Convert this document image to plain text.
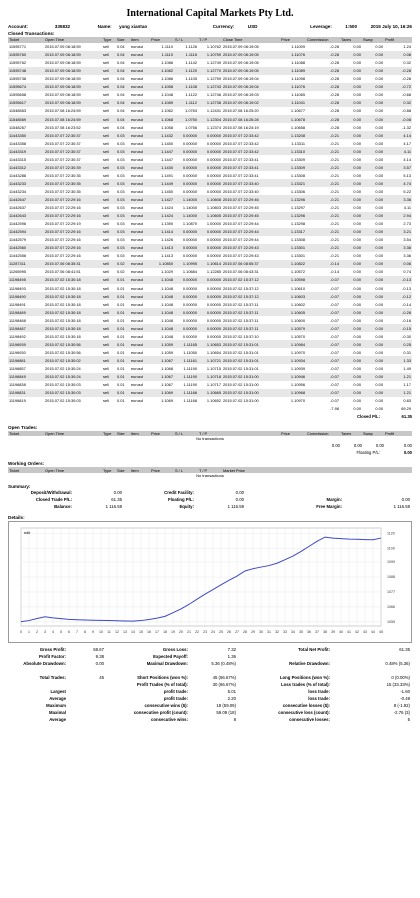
International Capital Markets Pty Ltd.
Account:	335832	Name:	yang xiantao	Currency:	USD	Leverage:	1:500	2015 July 10, 16:26
Closed Transactions:
Ticket	Open Time	Type	Size	Item	Price	S / L	T / P	Close Time	Price	Commission	Taxes	Swap	Profit
11595771	2015.07.09 08:18:59	sell	0.04	eurusd	1.1110	1.1126	1.10762	2015.07.09 08:19:05	1.11009	-0.28	0.00	0.00	1.24
11595760	2015.07.09 08:18:59	sell	0.04	eurusd	1.1110	1.1116	1.10759	2015.07.09 08:19:05	1.11076	-0.28	0.00	0.00	0.06
11595762	2015.07.09 08:18:59	sell	0.04	eurusd	1.1086	1.1142	1.12749	2015.07.09 08:19:05	1.11088	-0.28	0.00	0.00	0.32
11595748	2015.07.09 08:18:59	sell	0.04	eurusd	1.1082	1.1120	1.12770	2015.07.09 08:19:05	1.11089	-0.28	0.00	0.00	-0.28
11595738	2015.07.09 08:18:59	sell	0.04	eurusd	1.1086	1.1105	1.12759	2015.07.09 08:19:04	1.11098	-0.28	0.00	0.00	-0.28
11595674	2015.07.09 08:18:59	sell	0.04	eurusd	1.1058	1.1108	1.12743	2015.07.09 08:19:04	1.11076	-0.28	0.00	0.00	-0.72
11595658	2015.07.09 08:18:59	sell	0.04	eurusd	1.1048	1.1122	1.12746	2015.07.09 08:19:03	1.11065	-0.28	0.00	0.00	-0.68
11595617	2015.07.09 08:18:59	sell	0.04	eurusd	1.1089	1.1112	1.12738	2015.07.09 08:19:02	1.11041	-0.28	0.00	0.00	0.32
11548563	2015.07.08 16:24:59	sell	0.04	eurusd	1.1062	1.0763	1.12431	2015.07.08 16:25:20	1.10677	-0.28	0.00	0.00	-0.88
11548569	2015.07.08 16:24:59	sell	0.04	eurusd	1.1068	1.0750	1.12304	2015.07.08 16:26:28	1.10678	-0.28	0.00	0.00	-0.08
11548267	2015.07.08 16:23:52	sell	0.04	eurusd	1.1058	1.0756	1.12374	2015.07.08 16:24:19	1.10658	-0.28	0.00	0.00	-1.32
11443350	2015.07.07 22:30:37	sell	0.03	eurusd	1.1432	0.00000	0.00000	2015.07.07 22:33:42	1.13208	-0.21	0.00	0.00	4.14
11443358	2015.07.07 22:30:37	sell	0.03	eurusd	1.1450	0.00000	0.00000	2015.07.07 22:33:42	1.13311	-0.21	0.00	0.00	4.17
11443319	2015.07.07 22:30:37	sell	0.03	eurusd	1.1447	0.00000	0.00000	2015.07.07 22:33:42	1.13310	-0.21	0.00	0.00	4.11
11443315	2015.07.07 22:30:37	sell	0.03	eurusd	1.1447	0.00000	0.00000	2015.07.07 22:33:41	1.13309	-0.21	0.00	0.00	4.14
11443312	2015.07.07 22:30:39	sell	0.03	eurusd	1.1430	0.00000	0.00000	2015.07.07 22:33:41	1.13309	-0.21	0.00	0.00	3.57
11443288	2015.07.07 22:30:35	sell	0.03	eurusd	1.1491	0.00000	0.00000	2015.07.07 22:33:41	1.13308	-0.21	0.00	0.00	5.13
11443233	2015.07.07 22:30:35	sell	0.03	eurusd	1.1449	0.00000	0.00000	2015.07.07 22:33:40	1.13321	-0.21	0.00	0.00	4.74
11443234	2015.07.07 22:30:35	sell	0.03	eurusd	1.1450	0.00000	0.00000	2015.07.07 22:33:40	1.13306	-0.21	0.00	0.00	5.22
11442647	2015.07.07 22:29:16	sell	0.03	eurusd	1.1427	1.14000	1.10608	2015.07.07 22:29:46	1.13296	-0.21	0.00	0.00	3.36
11442637	2015.07.07 22:29:16	sell	0.03	eurusd	1.1424	1.14000	1.10603	2015.07.07 22:29:45	1.13297	-0.21	0.00	0.00	4.11
11442643	2015.07.07 22:29:16	sell	0.03	eurusd	1.1424	1.14000	1.10605	2015.07.07 22:29:45	1.13296	-0.21	0.00	0.00	2.94
11442596	2015.07.07 22:29:19	sell	0.03	eurusd	1.1390	1.10870	1.00000	2015.07.07 22:29:44	1.13298	-0.21	0.00	0.00	2.73
11442594	2015.07.07 22:29:16	sell	0.03	eurusd	1.1414	0.00000	0.00000	2015.07.07 22:29:44	1.13317	-0.21	0.00	0.00	3.21
11442579	2015.07.07 22:29:16	sell	0.03	eurusd	1.1426	0.00000	0.00000	2015.07.07 22:29:44	1.13308	-0.21	0.00	0.00	3.54
11442560	2015.07.07 22:29:16	sell	0.03	eurusd	1.1413	0.00000	0.00000	2015.07.07 22:29:43	1.13301	-0.21	0.00	0.00	3.36
11442556	2015.07.07 22:29:16	sell	0.03	eurusd	1.1413	0.00000	0.00000	2015.07.07 22:29:43	1.13301	-0.21	0.00	0.00	3.36
11287311	2015.07.06 08:35:31	sell	0.02	eurusd	1.10850	1.10995	1.10614	2015.07.06 08:55:37	1.10822	-0.14	0.00	0.00	0.06
11265995	2015.07.06 08:41:51	sell	0.02	eurusd	1.1029	1.10684	1.12285	2015.07.06 08:43:31	1.10572	-0.14	0.00	0.00	0.74
11198498	2015.07.02 15:30:18	sell	0.01	eurusd	1.1048	0.00000	0.00000	2015.07.02 15:37:12	1.10598	-0.07	0.00	0.00	-0.13
11198493	2015.07.02 15:30:18	sell	0.01	eurusd	1.1048	0.00000	0.00000	2015.07.02 15:37:12	1.10610	-0.07	0.00	0.00	-0.13
11198490	2015.07.02 15:30:18	sell	0.01	eurusd	1.1048	0.00000	0.00000	2015.07.02 15:37:12	1.10603	-0.07	0.00	0.00	-0.12
11198491	2015.07.02 15:30:18	sell	0.01	eurusd	1.1048	0.00000	0.00000	2015.07.02 15:37:11	1.10602	-0.07	0.00	0.00	-0.14
11198489	2015.07.02 15:30:18	sell	0.01	eurusd	1.1048	0.00000	0.00000	2015.07.02 15:37:11	1.10605	-0.07	0.00	0.00	-0.26
11198488	2015.07.02 15:30:18	sell	0.01	eurusd	1.1048	0.00000	0.00000	2015.07.02 15:37:11	1.10600	-0.07	0.00	0.00	-0.16
11198487	2015.07.02 15:30:18	sell	0.01	eurusd	1.1048	0.00000	0.00000	2015.07.02 15:37:11	1.10579	-0.07	0.00	0.00	-0.15
11198492	2015.07.02 15:30:18	sell	0.01	eurusd	1.1048	0.00000	0.00000	2015.07.02 15:37:10	1.10570	-0.07	0.00	0.00	-0.30
11196939	2015.07.02 15:30:56	sell	0.01	eurusd	1.1059	1.11165	1.10653	2015.07.02 15:31:01	1.10984	-0.07	0.00	0.00	0.25
11196930	2015.07.02 15:30:56	sell	0.01	eurusd	1.1059	1.11050	1.10654	2015.07.02 15:31:01	1.10970	-0.07	0.00	0.00	0.31
11196881	2015.07.02 15:30:02	sell	0.01	eurusd	1.1067	1.11161	1.10721	2015.07.02 15:31:01	1.10934	-0.07	0.00	0.00	1.33
11196857	2015.07.02 15:30:24	sell	0.01	eurusd	1.1068	1.11190	1.10715	2015.07.02 15:31:01	1.10939	-0.07	0.00	0.00	1.49
11196849	2015.07.02 15:30:24	sell	0.01	eurusd	1.1067	1.11190	1.10718	2015.07.02 15:31:00	1.10946	-0.07	0.00	0.00	1.21
11196838	2015.07.02 15:30:03	sell	0.01	eurusd	1.1067	1.11190	1.10717	2015.07.02 15:31:00	1.10956	-0.07	0.00	0.00	1.17
11196831	2015.07.02 15:30:03	sell	0.01	eurusd	1.1069	1.11166	1.10665	2015.07.02 15:31:00	1.10968	-0.07	0.00	0.00	1.21
11196819	2015.07.02 15:30:03	sell	0.01	eurusd	1.1069	1.11166	1.10652	2015.07.02 15:31:00	1.10970	-0.07	0.00	0.00	0.83
										-7.98	0.00	0.00	69.29
Closed P/L:	61.35
Open Trades:
Ticket	Open Time	Type	Size	Item	Price	S / L	T / P		Price	Commission	Taxes	Swap	Profit
No transactions
0.00	0.00	0.00	0.00
Floating P/L:	0.00
Working Orders:
Ticket	Open Time	Type	Size	Item	Price	S / L	T / P	Market Price
No transactions
Summary:
Deposit/Withdrawal:	0.00	Credit Facility:	0.00
Closed Trade P/L:	61.35	Floating P/L:	0.00	Margin:	0.00
Balance:	1 116.59	Equity:	1 116.59	Free Margin:	1 116.59
Details:
0 1 2 3 4 5 6 7 8 9 10 11 12 13 14 15 16 17 18 19 20 21 22 23 24 25 26 27 28 29 30 31 32 33 34 35 36 37 38 39 40 41 42 43 44 45
1120
1109
1099
1088
1077
1066
1055
edit
Gross Profit:	68.67	Gross Loss:	7.32	Total Net Profit:	61.35
Profit Factor:	9.38	Expected Payoff:	1.36
Absolute Drawdown:	0.00	Maximal Drawdown:	5.36 (0.48%)	Relative Drawdown:	0.48% (5.36)
Total Trades:	45	Short Positions (won %):	45 (66.67%)	Long Positions (won %):	0 (0.00%)
Profit Trades (% of total):	30 (66.67%)	Loss trades (% of total):	15 (33.33%)
Largest	profit trade:	5.01	loss trade:	-1.60
Average	profit trade:	2.20	loss trade:	-0.49
Maximum	consecutive wins ($):	18 (59.09)	consecutive losses ($):	8 (-1.92)
Maximal	consecutive profit (count):	59.09 (18)	consecutive loss (count):	-2.76 (3)
Average	consecutive wins:	8	consecutive losses:	5
